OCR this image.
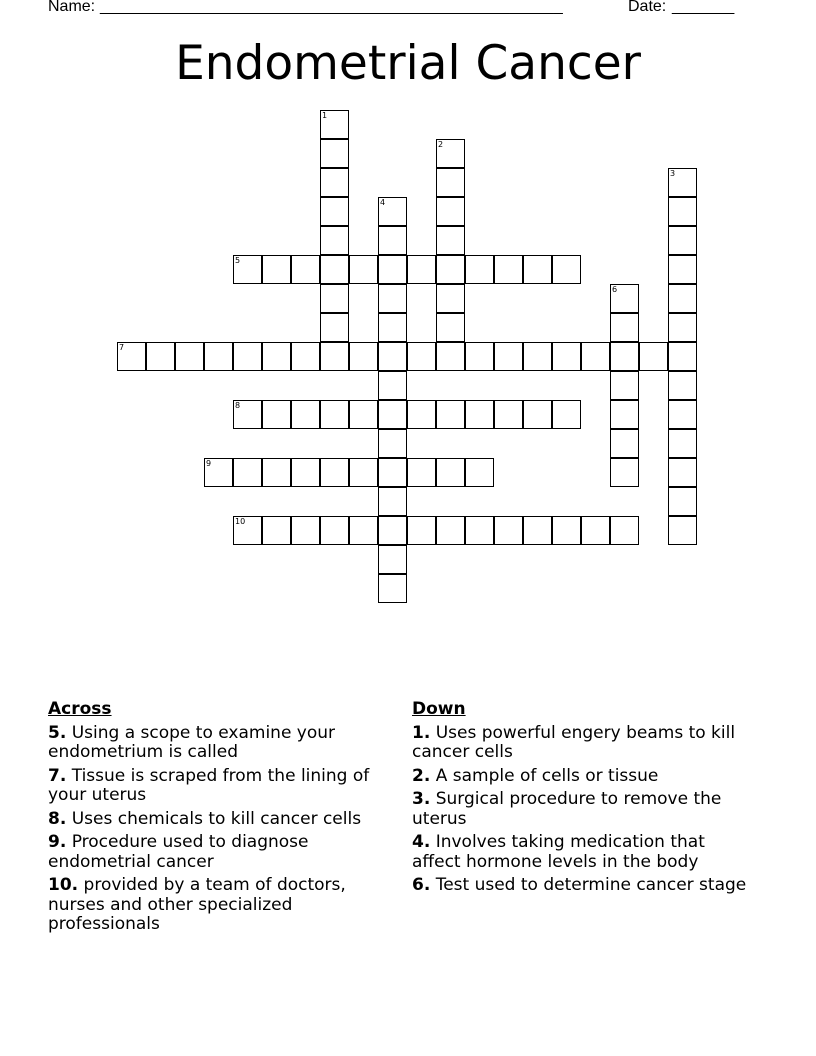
Name: ____________________________________________________	Date: _______
Endometrial Cancer
1
2
3
4
5
6
7
8
9
10
Across
5. Using a scope to examine your endometrium is called
7. Tissue is scraped from the lining of your uterus
8. Uses chemicals to kill cancer cells
9. Procedure used to diagnose endometrial cancer
10. provided by a team of doctors, nurses and other specialized professionals
Down
1. Uses powerful engery beams to kill cancer cells
2. A sample of cells or tissue
3. Surgical procedure to remove the uterus
4. Involves taking medication that affect hormone levels in the body
6. Test used to determine cancer stage
